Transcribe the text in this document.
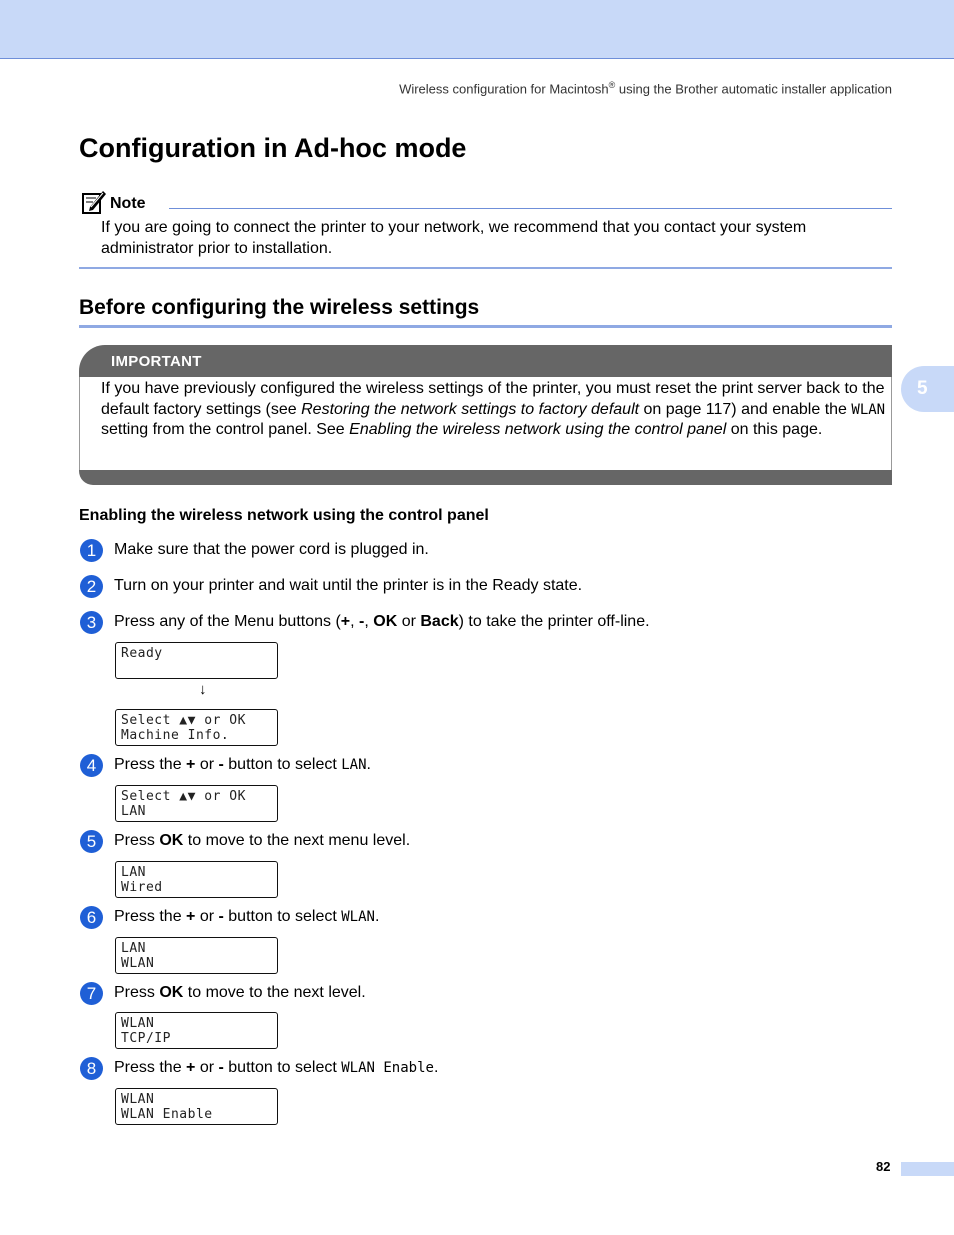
Wireless configuration for Macintosh® using the Brother automatic installer application
5
Configuration in Ad-hoc mode
Note

If you are going to connect the printer to your network, we recommend that you contact your system administrator prior to installation.

Before configuring the wireless settings
IMPORTANT

If you have previously configured the wireless settings of the printer, you must reset the print server back to the default factory settings (see Restoring the network settings to factory default on page 117) and enable the WLAN setting from the control panel. See Enabling the wireless network using the control panel on this page.

Enabling the wireless network using the control panel
1	Make sure that the power cord is plugged in.
2	Turn on your printer and wait until the printer is in the Ready state.
3	Press any of the Menu buttons (+, -, OK or Back) to take the printer off-line.
Ready
↓
Select ▲▼ or OK
Machine Info.
4	Press the + or - button to select LAN.
Select ▲▼ or OK
LAN
5	Press OK to move to the next menu level.
LAN
Wired
6	Press the + or - button to select WLAN.
LAN
WLAN
7	Press OK to move to the next level.
WLAN
TCP/IP
8	Press the + or - button to select WLAN Enable.
WLAN
WLAN Enable
82
